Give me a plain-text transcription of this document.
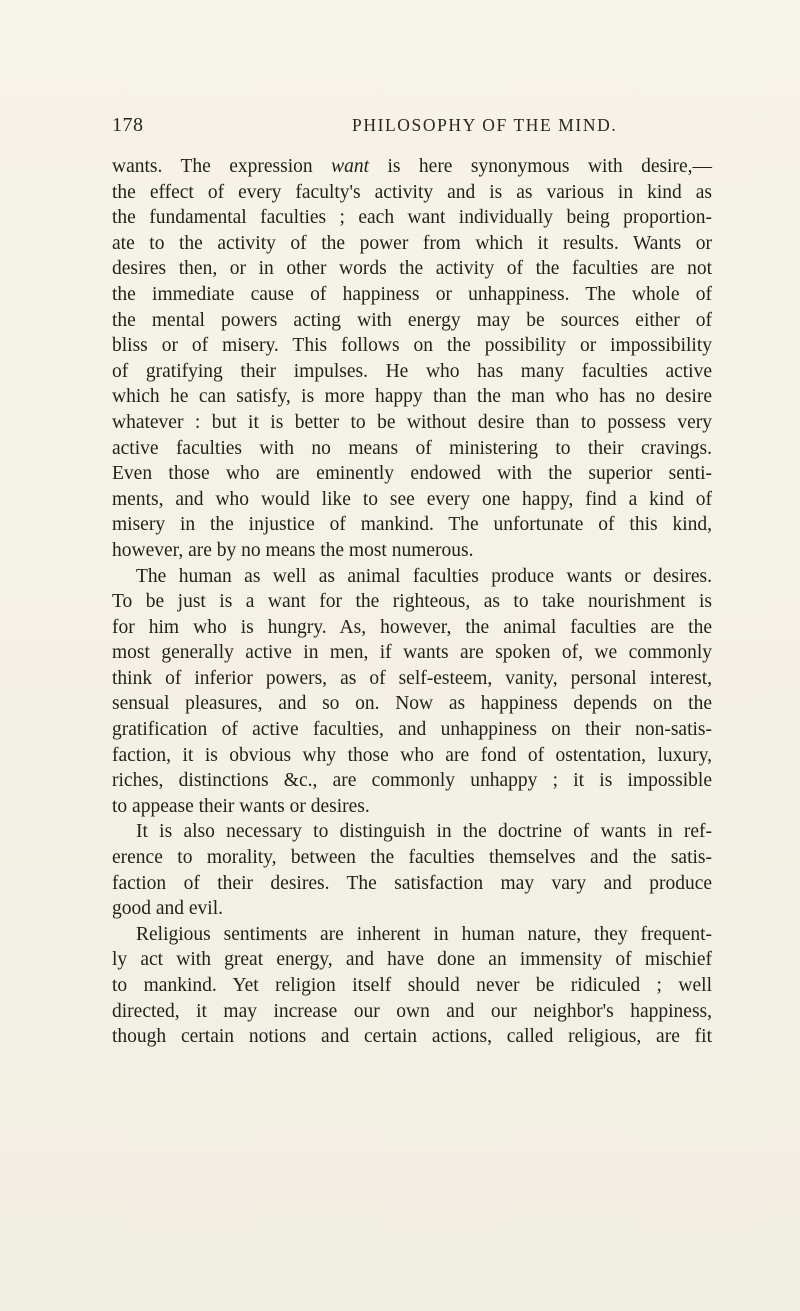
178	PHILOSOPHY OF THE MIND.
wants. The expression want is here synonymous with desire,—
the effect of every faculty's activity and is as various in kind as
the fundamental faculties ; each want individually being proportion-
ate to the activity of the power from which it results. Wants or
desires then, or in other words the activity of the faculties are not
the immediate cause of happiness or unhappiness. The whole of
the mental powers acting with energy may be sources either of
bliss or of misery. This follows on the possibility or impossibility
of gratifying their impulses. He who has many faculties active
which he can satisfy, is more happy than the man who has no desire
whatever : but it is better to be without desire than to possess very
active faculties with no means of ministering to their cravings.
Even those who are eminently endowed with the superior senti-
ments, and who would like to see every one happy, find a kind of
misery in the injustice of mankind. The unfortunate of this kind,
however, are by no means the most numerous.
The human as well as animal faculties produce wants or desires.
To be just is a want for the righteous, as to take nourishment is
for him who is hungry. As, however, the animal faculties are the
most generally active in men, if wants are spoken of, we commonly
think of inferior powers, as of self-esteem, vanity, personal interest,
sensual pleasures, and so on. Now as happiness depends on the
gratification of active faculties, and unhappiness on their non-satis-
faction, it is obvious why those who are fond of ostentation, luxury,
riches, distinctions &c., are commonly unhappy ; it is impossible
to appease their wants or desires.
It is also necessary to distinguish in the doctrine of wants in ref-
erence to morality, between the faculties themselves and the satis-
faction of their desires. The satisfaction may vary and produce
good and evil.
Religious sentiments are inherent in human nature, they frequent-
ly act with great energy, and have done an immensity of mischief
to mankind. Yet religion itself should never be ridiculed ; well
directed, it may increase our own and our neighbor's happiness,
though certain notions and certain actions, called religious, are fit
